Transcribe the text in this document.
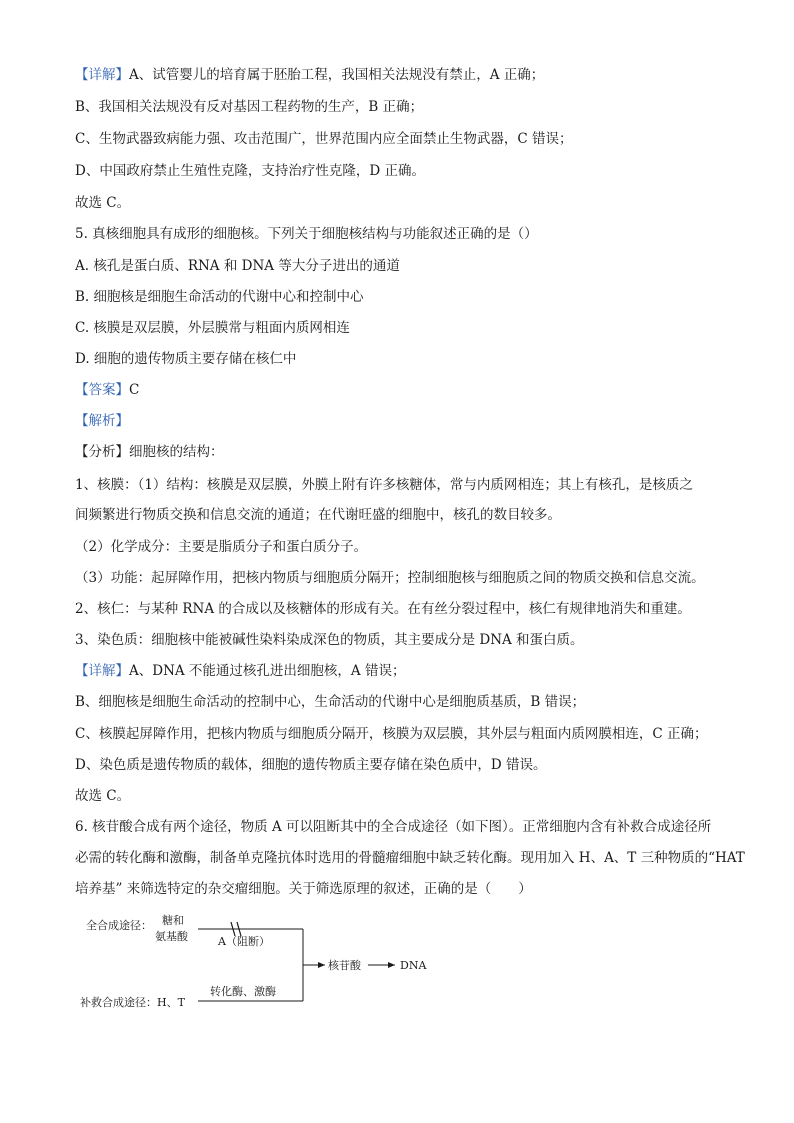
【详解】A、试管婴儿的培育属于胚胎工程，我国相关法规没有禁止，A 正确；
B、我国相关法规没有反对基因工程药物的生产，B 正确；
C、生物武器致病能力强、攻击范围广，世界范围内应全面禁止生物武器，C 错误；
D、中国政府禁止生殖性克隆，支持治疗性克隆，D 正确。
故选 C。
5. 真核细胞具有成形的细胞核。下列关于细胞核结构与功能叙述正确的是（）
A. 核孔是蛋白质、RNA 和 DNA 等大分子进出的通道
B. 细胞核是细胞生命活动的代谢中心和控制中心
C. 核膜是双层膜，外层膜常与粗面内质网相连
D. 细胞的遗传物质主要存储在核仁中
【答案】C
【解析】
【分析】细胞核的结构：
1、核膜：（1）结构：核膜是双层膜，外膜上附有许多核糖体，常与内质网相连；其上有核孔，是核质之
间频繁进行物质交换和信息交流的通道；在代谢旺盛的细胞中，核孔的数目较多。
（2）化学成分：主要是脂质分子和蛋白质分子。
（3）功能：起屏障作用，把核内物质与细胞质分隔开；控制细胞核与细胞质之间的物质交换和信息交流。
2、核仁：与某种 RNA 的合成以及核糖体的形成有关。在有丝分裂过程中，核仁有规律地消失和重建。
3、染色质：细胞核中能被碱性染料染成深色的物质，其主要成分是 DNA 和蛋白质。
【详解】A、DNA 不能通过核孔进出细胞核，A 错误；
B、细胞核是细胞生命活动的控制中心，生命活动的代谢中心是细胞质基质，B 错误；
C、核膜起屏障作用，把核内物质与细胞质分隔开，核膜为双层膜，其外层与粗面内质网膜相连，C 正确；
D、染色质是遗传物质的载体，细胞的遗传物质主要存储在染色质中，D 错误。
故选 C。
6. 核苷酸合成有两个途径，物质 A 可以阻断其中的全合成途径（如下图）。正常细胞内含有补救合成途径所
必需的转化酶和激酶，制备单克隆抗体时选用的骨髓瘤细胞中缺乏转化酶。现用加入 H、A、T 三种物质的“HAT
培养基” 来筛选特定的杂交瘤细胞。关于筛选原理的叙述，正确的是（　　）
全合成途径： 糖和
氨基酸	A（阻断）
核苷酸	DNA
补救合成途径：H、T
转化酶、激酶
